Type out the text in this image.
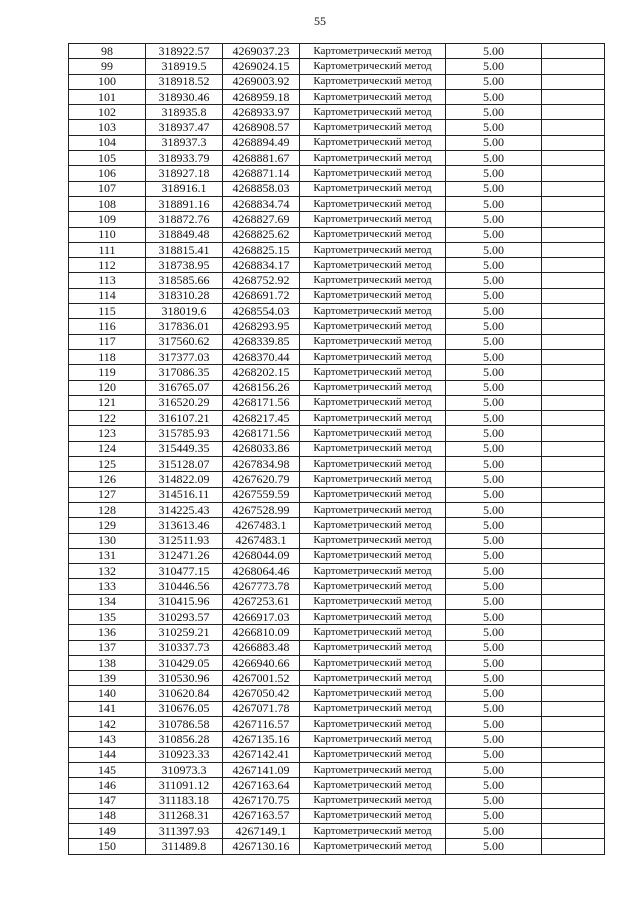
55
98	318922.57	4269037.23	Картометрический метод	5.00	
99	318919.5	4269024.15	Картометрический метод	5.00	
100	318918.52	4269003.92	Картометрический метод	5.00	
101	318930.46	4268959.18	Картометрический метод	5.00	
102	318935.8	4268933.97	Картометрический метод	5.00	
103	318937.47	4268908.57	Картометрический метод	5.00	
104	318937.3	4268894.49	Картометрический метод	5.00	
105	318933.79	4268881.67	Картометрический метод	5.00	
106	318927.18	4268871.14	Картометрический метод	5.00	
107	318916.1	4268858.03	Картометрический метод	5.00	
108	318891.16	4268834.74	Картометрический метод	5.00	
109	318872.76	4268827.69	Картометрический метод	5.00	
110	318849.48	4268825.62	Картометрический метод	5.00	
111	318815.41	4268825.15	Картометрический метод	5.00	
112	318738.95	4268834.17	Картометрический метод	5.00	
113	318585.66	4268752.92	Картометрический метод	5.00	
114	318310.28	4268691.72	Картометрический метод	5.00	
115	318019.6	4268554.03	Картометрический метод	5.00	
116	317836.01	4268293.95	Картометрический метод	5.00	
117	317560.62	4268339.85	Картометрический метод	5.00	
118	317377.03	4268370.44	Картометрический метод	5.00	
119	317086.35	4268202.15	Картометрический метод	5.00	
120	316765.07	4268156.26	Картометрический метод	5.00	
121	316520.29	4268171.56	Картометрический метод	5.00	
122	316107.21	4268217.45	Картометрический метод	5.00	
123	315785.93	4268171.56	Картометрический метод	5.00	
124	315449.35	4268033.86	Картометрический метод	5.00	
125	315128.07	4267834.98	Картометрический метод	5.00	
126	314822.09	4267620.79	Картометрический метод	5.00	
127	314516.11	4267559.59	Картометрический метод	5.00	
128	314225.43	4267528.99	Картометрический метод	5.00	
129	313613.46	4267483.1	Картометрический метод	5.00	
130	312511.93	4267483.1	Картометрический метод	5.00	
131	312471.26	4268044.09	Картометрический метод	5.00	
132	310477.15	4268064.46	Картометрический метод	5.00	
133	310446.56	4267773.78	Картометрический метод	5.00	
134	310415.96	4267253.61	Картометрический метод	5.00	
135	310293.57	4266917.03	Картометрический метод	5.00	
136	310259.21	4266810.09	Картометрический метод	5.00	
137	310337.73	4266883.48	Картометрический метод	5.00	
138	310429.05	4266940.66	Картометрический метод	5.00	
139	310530.96	4267001.52	Картометрический метод	5.00	
140	310620.84	4267050.42	Картометрический метод	5.00	
141	310676.05	4267071.78	Картометрический метод	5.00	
142	310786.58	4267116.57	Картометрический метод	5.00	
143	310856.28	4267135.16	Картометрический метод	5.00	
144	310923.33	4267142.41	Картометрический метод	5.00	
145	310973.3	4267141.09	Картометрический метод	5.00	
146	311091.12	4267163.64	Картометрический метод	5.00	
147	311183.18	4267170.75	Картометрический метод	5.00	
148	311268.31	4267163.57	Картометрический метод	5.00	
149	311397.93	4267149.1	Картометрический метод	5.00	
150	311489.8	4267130.16	Картометрический метод	5.00	
